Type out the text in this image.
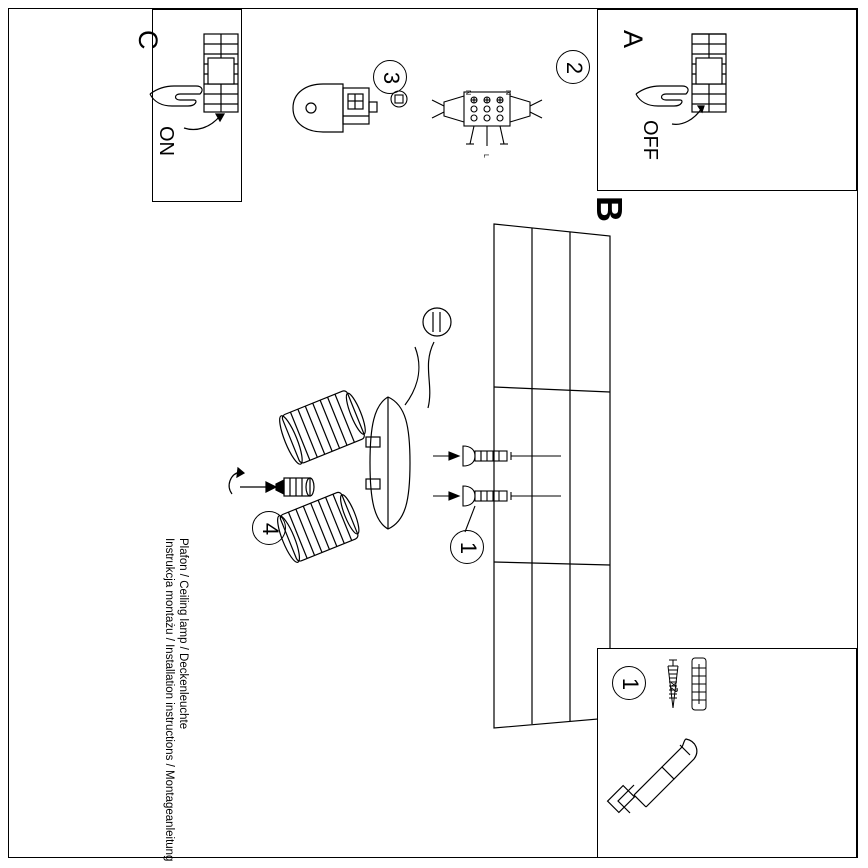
A
OFF
C
ON
3
2
N	N
L
B
4
1
1	x2
Instrukcja montażu / Installation instructions / Montageanleitung Plafon / Ceiling lamp / Deckenleuchte
